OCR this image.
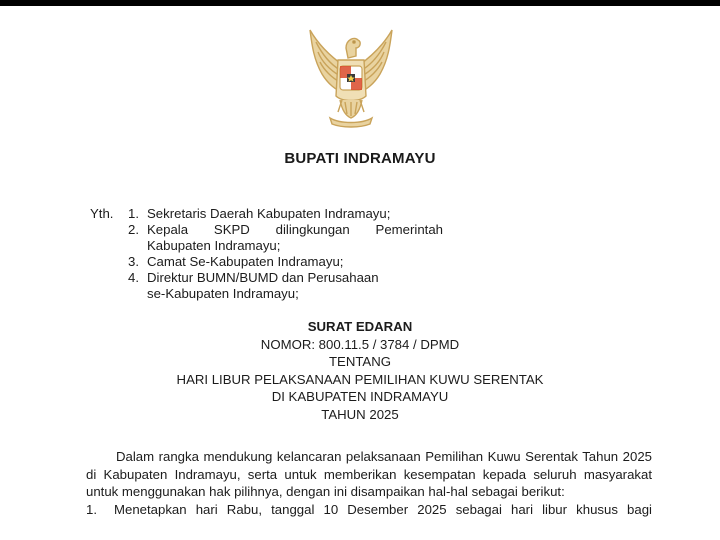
BUPATI INDRAMAYU
Yth. 1. Sekretaris Daerah Kabupaten Indramayu;
2. Kepala SKPD dilingkungan Pemerintah
Kabupaten Indramayu;
3. Camat Se-Kabupaten Indramayu;
4. Direktur BUMN/BUMD dan Perusahaan
se-Kabupaten Indramayu;
SURAT EDARAN
NOMOR: 800.11.5 / 3784 / DPMD
TENTANG
HARI LIBUR PELAKSANAAN PEMILIHAN KUWU SERENTAK
DI KABUPATEN INDRAMAYU
TAHUN 2025

Dalam rangka mendukung kelancaran pelaksanaan Pemilihan Kuwu Serentak Tahun 2025 di Kabupaten Indramayu, serta untuk memberikan kesempatan kepada seluruh masyarakat untuk menggunakan hak pilihnya, dengan ini disampaikan hal-hal sebagai berikut:

1. Menetapkan hari Rabu, tanggal 10 Desember 2025 sebagai hari libur khusus bagi
